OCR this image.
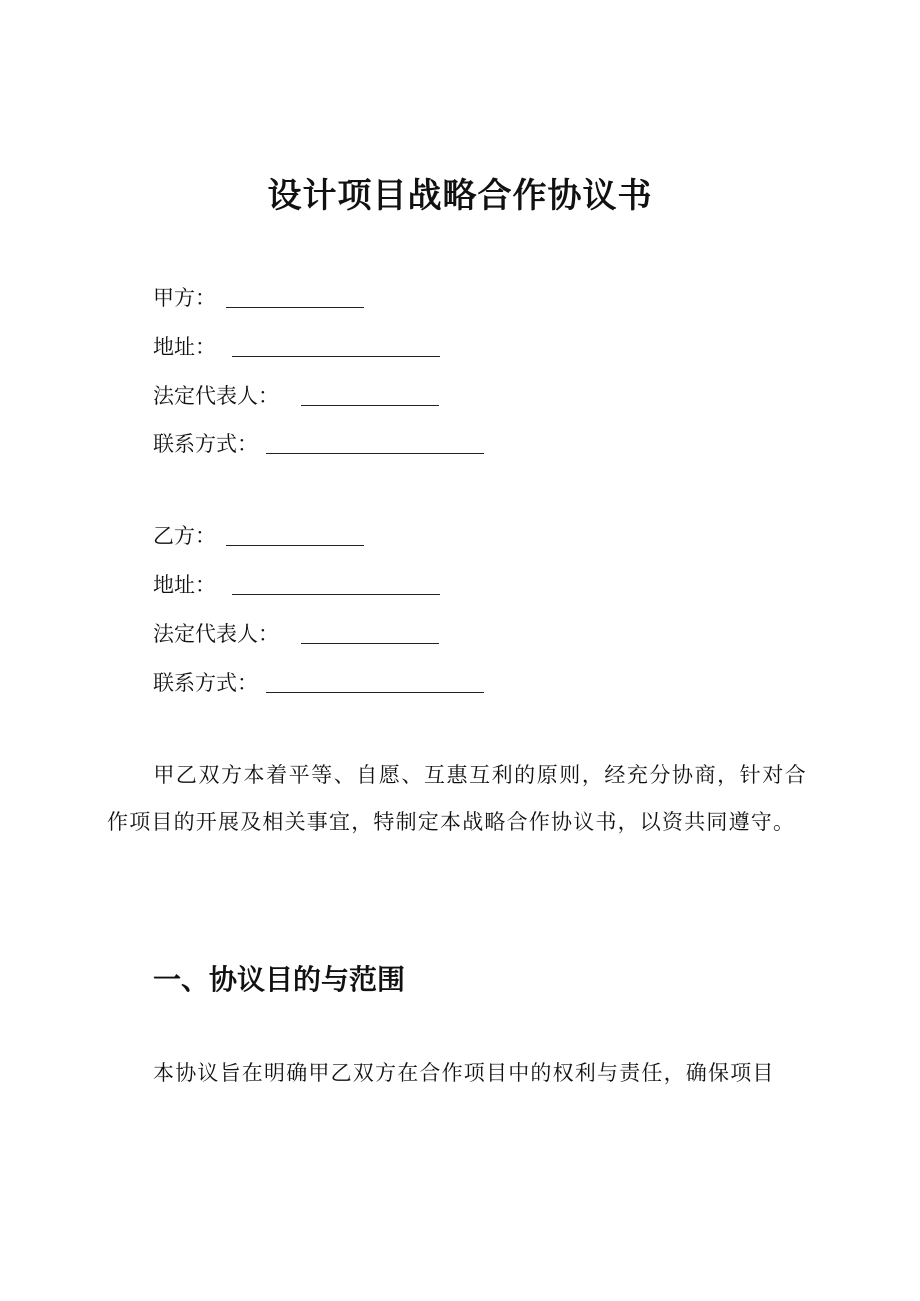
设计项目战略合作协议书
甲方：
地址：
法定代表人：
联系方式：
乙方：
地址：
法定代表人：
联系方式：
甲乙双方本着平等、自愿、互惠互利的原则，经充分协商，针对合作项目的开展及相关事宜，特制定本战略合作协议书，以资共同遵守。
一、协议目的与范围
本协议旨在明确甲乙双方在合作项目中的权利与责任，确保项目
